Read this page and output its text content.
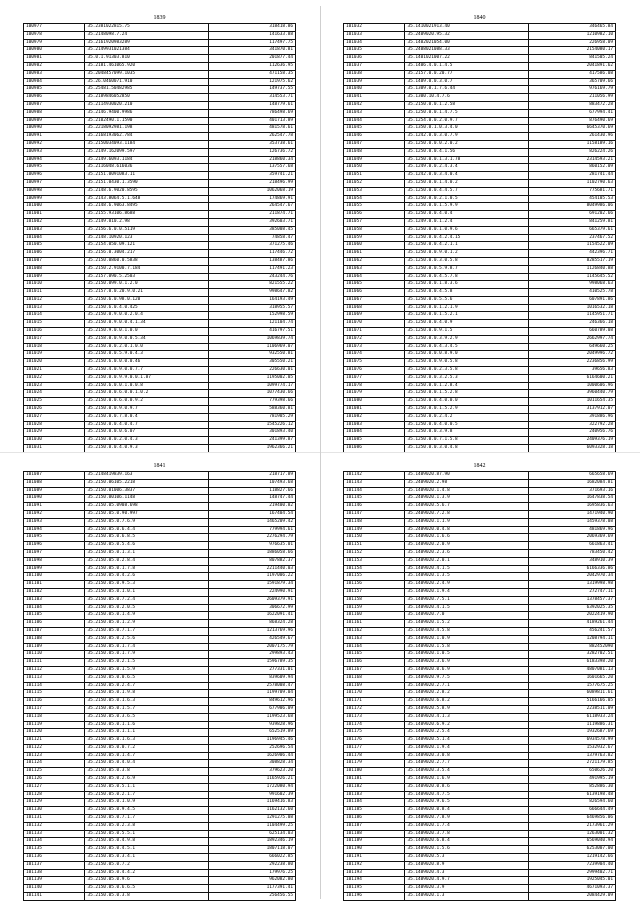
1839
100977	35.2381022815.75	318418.86
100978	35.2148098.7.24	141633.88
100979	35.2161920983289	117497.75
100980	35.2149931021384	341870.81
100981	35.0.1.91303.810	201877.44
100982	35.2181.461065.920	112636.95
100983	35.2048457099.1035	471158.35
100984	35.26.0460071.910	121975.62
100985	35.25481.50482985	149737.55
100986	35.2189846052850	314553.71
100987	35.2114930020.210	148779.61
100988	35.2146.9400.9986	786498.69
100989	35.2102490.1.1590	401713.89
100990	35.2218092981.198	481578.61
100991	35.2168193062.784	262547.78
100992	35.2150034093.1184	353738.61
100993	35.2149.162099.597	126736.72
100994	35.2149.6093.1184	218860.34
100995	35.2116048.616036	137557.68
100996	35.2151.0091083.11	359741.21
100997	35.2151.0430.1.3590	218496.99
100998	35.2148.6.9020.8595	1062068.19
100999	35.2143.8064.5.1.648	174869.91
101000	35.2148.6.9063.8495	264547.67
101001	35.2155.93106.8688	211874.71
101002	35.2149.010.2.98	392603.71
101003	35.2156.6.0.0.5119	385008.45
101004	35.2148.10920.123	74858.47
101005	35.2154.050.09.121	371275.46
101006	35.2156.0.3004.217	117446.72
101007	35.2150.0860.0.5838	138487.86
101008	35.2150.2.9100.7.184	117491.23
101009	35.2157.090.5.2503	243244.76
101010	35.2150.099.0.1.2.0	821555.22
101011	35.2157.0.0.20.9.0.21	998647.82
101012	35.2150.6.0.98.0.120	164193.49
101013	35.2150.6.0.4.0.425	318955.57
101014	35.2150.0.9.0.0.2.0.4	152998.59
101015	35.2150.0.9.0.0.4.1.34	121104.74
101016	35.2150.9.0.0.1.0.0	416797.51
101017	35.2158.0.0.9.0.0.5.34	1069839.74
101018	35.2150.0.0.2.0.1.0.0	1106969.07
101019	35.2150.0.0.5.9.0.4.3	932550.81
101020	35.2150.6.0.0.0.0.46	305550.21
101021	35.2150.4.0.9.0.0.7.7	226630.01
101022	35.2150.0.0.9.9.0.0.1.87	1195002.05
101023	35.2150.6.0.0.1.0.0.8	1099774.17
101024	35.2150.0.0.6.0.0.1.0.2	1077430.66
101025	35.2150.0.0.6.0.0.9.2	779398.66
101026	35.2150.0.0.9.0.9.7	588360.81
101027	35.2150.0.0.7.8.0.4	781905.29
101028	35.2150.0.0.4.0.4.7	1545226.12
101029	35.2150.0.0.0.6.07	301893.40
101030	35.2150.0.0.2.0.4.3	241399.87
101031	35.2150.0.0.4.0.9.3	1962366.21
1840
101032	35.1410021913.40	346465.84
101033	35.2409020.95.32	1210982.10
101034	35.1402021054.00	226958.09
101035	35.2408021088.33	2154080.17
101036	35.1401021007.22	841505.24
101037	35.1406.4.0.1.4.5	2041891.62
101038	35.2157.0.0.20.77	417586.08
101039	35.1409.0.0.3.0.7	365709.66
101040	35.1309.0.1.7.6.44	976169.79
101041	35.1300.10.4.7.6	211056.99
101042	35.2150.0.0.1.2.58	883472.28
101043	35.1250.0.0.1.4.7.5	677994.41
101044	35.1254.0.0.2.0.9.7	876490.69
101045	35.1350.0.1.0.3.4.0	6645370.69
101046	35.1242.0.0.3.0.7.9	261430.96
101047	35.1250.0.0.0.2.0.2	1158189.16
101048	35.1250.0.0.4.1.56	826224.26
101049	35.1250.0.0.1.3.1.78	2314593.21
101050	35.1249.0.0.2.4.3.4	860152.09
101051	35.1242.0.0.3.4.0.4	281741.44
101052	35.1250.0.0.1.4.0.2	1102790.63
101053	35.1250.0.0.4.4.5.7	775681.71
101054	35.1250.0.0.2.1.0.5	454105.53
101055	35.1250.0.0.1.5.9.9	8049986.06
101056	35.1250.0.0.4.0.4	691202.66
101057	35.1249.0.0.1.2.4	841259.81
101058	35.1250.0.0.1.0.9.6	665379.61
101059	35.1250.0.0.4.2.4.15	237467.52
101060	35.1250.0.0.4.2.1.1	1154522.09
101061	35.1250.0.0.9.0.1.2	442396.71
101062	35.1250.0.0.3.0.5.8	8285517.19
101063	35.1250.0.0.5.9.8.7	1126840.88
101064	35.1250.0.0.4.5.7.8	1145645.52
101065	35.1250.0.0.1.8.3.6	998068.63
101066	35.1250.0.0.4.5.8	410525.78
101067	35.1250.0.0.5.5.6	607891.86
101068	35.1250.0.0.1.2.1.9	1016532.18
101069	35.1250.0.0.1.5.2.1	1145951.71
101070	35.1250.0.0.4.0.9	246366.18
101071	35.1250.0.0.9.1.5	660789.08
101072	35.1250.0.0.3.9.2.9	2662997.74
101073	35.1250.0.0.4.3.4.5	649660.25
101074	35.1250.0.0.0.8.9.0	2049996.72
101075	35.1250.0.0.9.0.5.8	2236856.99
101076	35.1250.0.0.2.3.5.8	39656.83
101077	35.1250.0.0.3.2.5.3	6164600.21
101078	35.1250.0.0.1.2.8.4	1000606.96
101079	35.1250.0.0.1.5.2.8	3960440.79
101080	35.1250.0.0.4.0.0.0	1011654.35
101081	35.1250.0.0.1.5.2.9	3137912.07
101082	35.1250.0.0.2.4.2	391886.96
101083	35.1250.0.0.4.0.0.5	322792.28
101084	35.1250.0.0.3.9.8	240956.76
101085	35.1250.0.0.7.1.5.8	2409376.19
101086	35.1250.0.0.3.0.4.8	6093328.18
1841
101087	35.2148419839.163	218717.89
101088	35.2150.06105.2218	107493.68
101089	35.2150.01006.3837	118827.66
101090	35.2150.00106.1148	148747.44
101091	35.2150.05.0908.698	219400.82
101092	35.2150.05.0.90.997	167404.54
101093	35.2150.05.0.7.6.9	1465209.42
101094	35.2150.05.0.6.4.4	779994.61
101095	35.2150.05.0.6.8.5	2276294.79
101096	35.2150.05.0.5.4.6	976635.01
101097	35.2150.05.0.1.3.1	1886058.66
101098	35.2150.05.0.2.8.4	807882.37
101099	35.2150.05.0.1.7.8	2211440.03
101100	35.2150.05.0.4.2.6	1197006.22
101101	35.2150.05.0.9.5.3	1591879.34
101102	35.2150.05.0.1.0.1	224990.91
101103	35.2150.05.0.7.2.4	2609379.91
101104	35.2150.05.0.2.0.5	306672.99
101105	35.2150.05.0.1.4.9	1622091.41
101106	35.2150.05.0.1.2.9	868324.28
101107	35.2150.05.0.7.1.7	1213769.96
101108	35.2150.05.0.2.5.6	426549.67
101109	35.2150.05.0.1.7.4	2007175.79
101110	35.2150.05.0.1.7.9	299893.43
101111	35.2150.05.0.2.1.5	1596789.35
101112	35.2150.05.0.1.5.9	277331.01
101113	35.2150.05.0.0.6.5	839609.94
101114	35.2150.05.0.2.4.7	2578008.47
101115	35.2150.05.0.1.9.8	1199709.04
101116	35.2150.05.0.1.6.3	849612.96
101117	35.2150.05.0.1.5.7	677906.09
101118	35.2150.05.0.3.6.5	1199523.68
101119	35.2150.05.0.1.1.6	939828.96
101120	35.2150.05.0.1.1.1	652519.89
101121	35.2150.05.0.1.6.3	1196945.46
101122	35.2150.05.0.0.7.2	252696.54
101123	35.2150.05.0.1.4.7	1626906.44
101124	35.2150.05.0.4.0.4	308828.34
101125	35.2150.05.0.3.8	379623.20
101126	35.2150.05.0.2.6.9	1165926.21
101127	35.2150.05.0.5.1.1	1722080.94
101128	35.2150.05.0.2.1.7	991602.39
101129	35.2150.05.0.1.0.9	1169416.83
101130	35.2150.05.0.9.4.5	1162132.60
101131	35.2150.05.0.7.1.7	1291275.08
101132	35.2150.05.0.2.3.8	1104499.25
101133	35.2150.05.0.5.5.1	625134.03
101134	35.2150.05.0.4.9.8	1892346.19
101135	35.2150.05.0.4.5.1	1807118.07
101136	35.2150.05.0.3.4.1	666022.85
101137	35.2150.05.0.7.2	292238.80
101138	35.2150.05.0.4.4.2	179976.25
101139	35.2150.05.0.9.6	962082.80
101140	35.2150.05.0.6.6.5	1177391.41
101141	35.2150.05.0.3.8	256456.55
1842
101142	35.1409020.87.90	665658.69
101143	35.2409020.2.98	1682084.81
101144	35.1409020.1.4.8	371693.16
101145	35.2409020.1.3.9	1647838.54
101146	35.1409020.5.6.7	1695836.63
101147	35.2409020.7.2.8	1471940.90
101148	35.1409020.1.1.9	1459378.08
101149	35.2409020.0.4.8	481869.96
101150	35.1409020.1.6.6	2069369.69
101151	35.1409020.2.0.9	661863.41
101152	35.1409020.2.3.6	783450.42
101153	35.1409020.2.0.1	348910.39
101154	35.1409020.4.1.5	6166336.86
101155	35.1409020.1.3.5	2042970.34
101156	35.1409020.2.4.9	1319998.98
101157	35.1409020.1.9.4	272747.11
101158	35.1409020.7.5.1	1378457.37
101159	35.1409020.4.1.5	6392025.35
101160	35.1409020.7.0	2022419.90
101161	35.1409020.1.5.2	4189261.44
101162	35.1409020.4.5.8	456241.57
101163	35.1409020.1.0.9	1208794.11
101164	35.1409020.1.5.8	882452090
101165	35.1409020.1.0.5	3282702.51
101166	35.1409020.3.6.9	6183398.20
101167	35.1409020.0.6.9	4807081.13
101168	35.1409020.9.7.5	1601665.20
101169	35.1409020.2.7.1	1577675.25
101170	35.1409020.2.8.2	6089811.61
101171	35.1409020.6.8.2	5166166.05
101172	35.1409020.5.8.9	2238511.09
101173	35.1409020.4.1.3	6118933.24
101174	35.1409020.6.9.2	1119886.31
101175	35.1409020.2.5.4	1932687.69
101176	35.1409020.5.1.4	6934578.99
101177	35.1409020.1.9.4	1532932.67
101178	35.1409020.3.0.8	1379763.82
101179	35.1409020.2.7.7	2721179.85
101180	35.1409020.3.5.4	650626.20
101181	35.1409020.1.6.9	491995.19
101182	35.1409020.0.8.6	852886.30
101183	35.1409020.4.7.5	6139198.48
101184	35.1409020.9.6.5	826594.60
101185	35.1409020.0.8.4	666644.49
101186	35.1409020.7.8.9	6469856.06
101187	35.1409020.1.7.4	2173961.29
101188	35.1409020.3.7.8	1263001.32
101189	35.1409020.6.8.4	6569040.94
101190	35.1409020.1.5.6	6253007.00
101191	35.1409020.5.3	1219142.66
101192	35.1409020.8.9	7239904.40
101193	35.1409020.4.3	2999402.71
101194	35.1409020.4.9.7	1925045.01
101195	35.1409020.3.9	4671093.37
101196	35.1409020.1.3	2084429.09
